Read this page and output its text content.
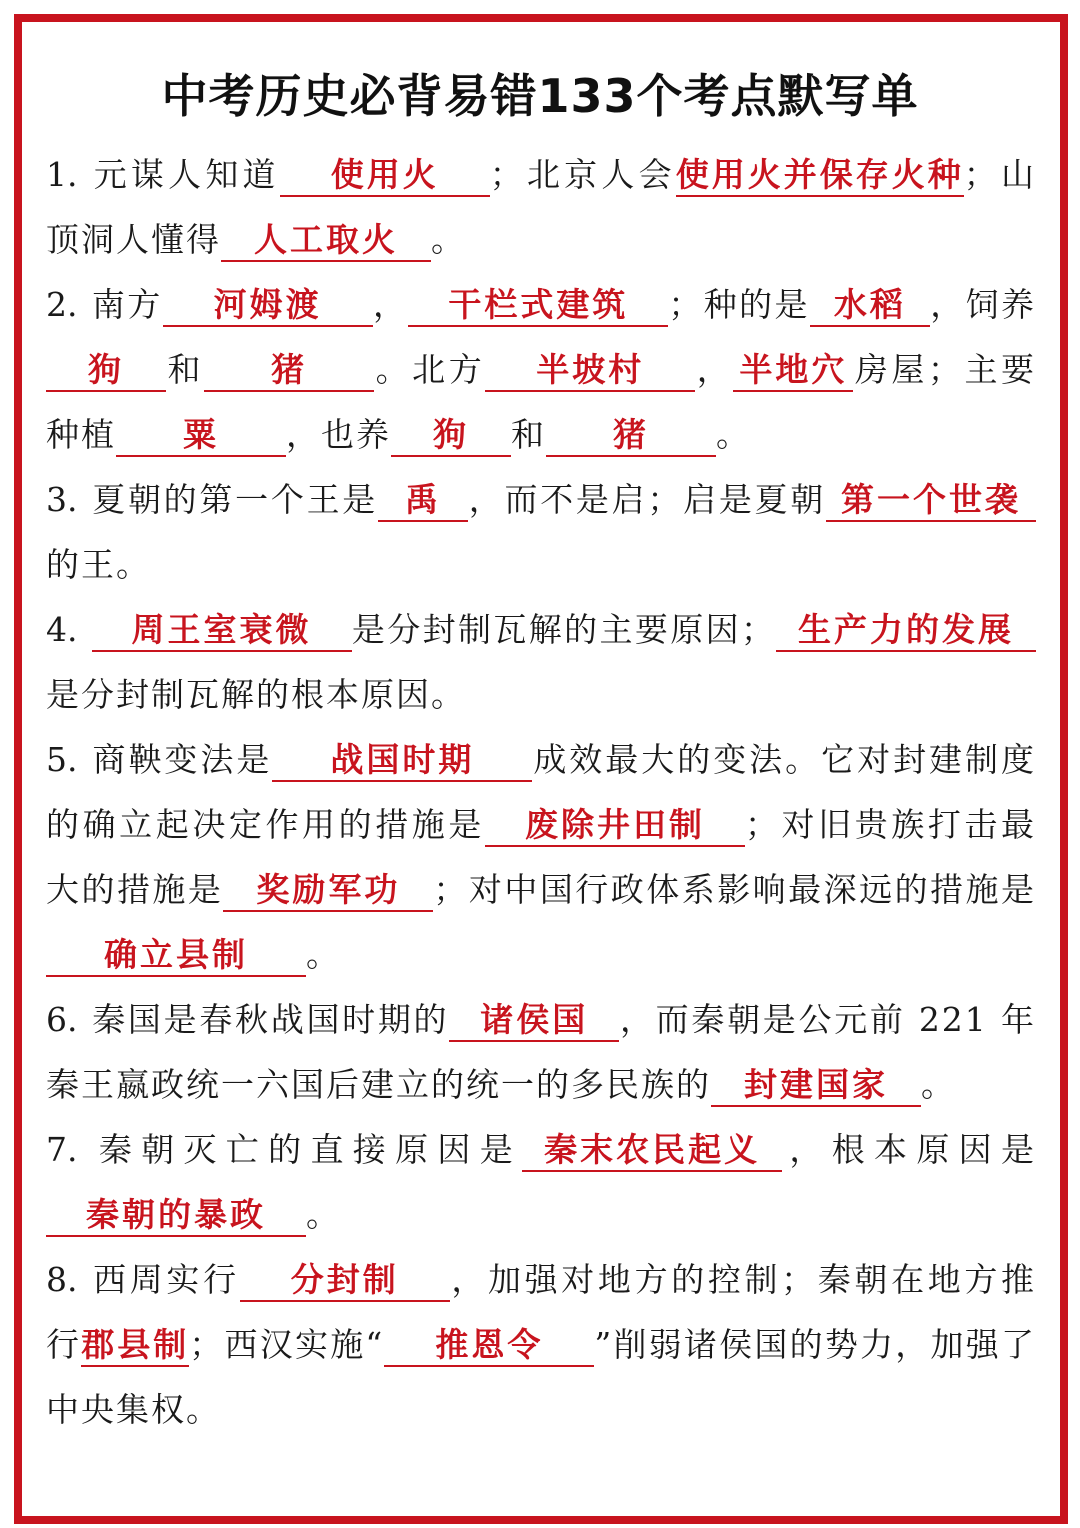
中考历史必背易错133个考点默写单

1. 元谋人知道 使用火 ；北京人会使用火并保存火种；山顶洞人懂得 人工取火 。

2. 南方 河姆渡 ， 干栏式建筑 ；种的是 水稻 ，饲养狗 和 猪 。北方 半坡村 ， 半地穴 房屋；主要种植 粟 ，也养 狗 和 猪 。

3. 夏朝的第一个王是 禹 ，而不是启；启是夏朝 第一个世袭的王。

4. 周王室衰微 是分封制瓦解的主要原因； 生产力的发展是分封制瓦解的根本原因。

5. 商鞅变法是 战国时期 成效最大的变法。它对封建制度的确立起决定作用的措施是 废除井田制 ；对旧贵族打击最大的措施是 奖励军功 ；对中国行政体系影响最深远的措施是确立县制 。

6. 秦国是春秋战国时期的 诸侯国 ，而秦朝是公元前 221 年秦王嬴政统一六国后建立的统一的多民族的 封建国家 。

7. 秦朝灭亡的直接原因是 秦末农民起义 ，根本原因是秦朝的暴政 。

8. 西周实行 分封制 ，加强对地方的控制；秦朝在地方推行郡县制；西汉实施“ 推恩令 ”削弱诸侯国的势力，加强了中央集权。
